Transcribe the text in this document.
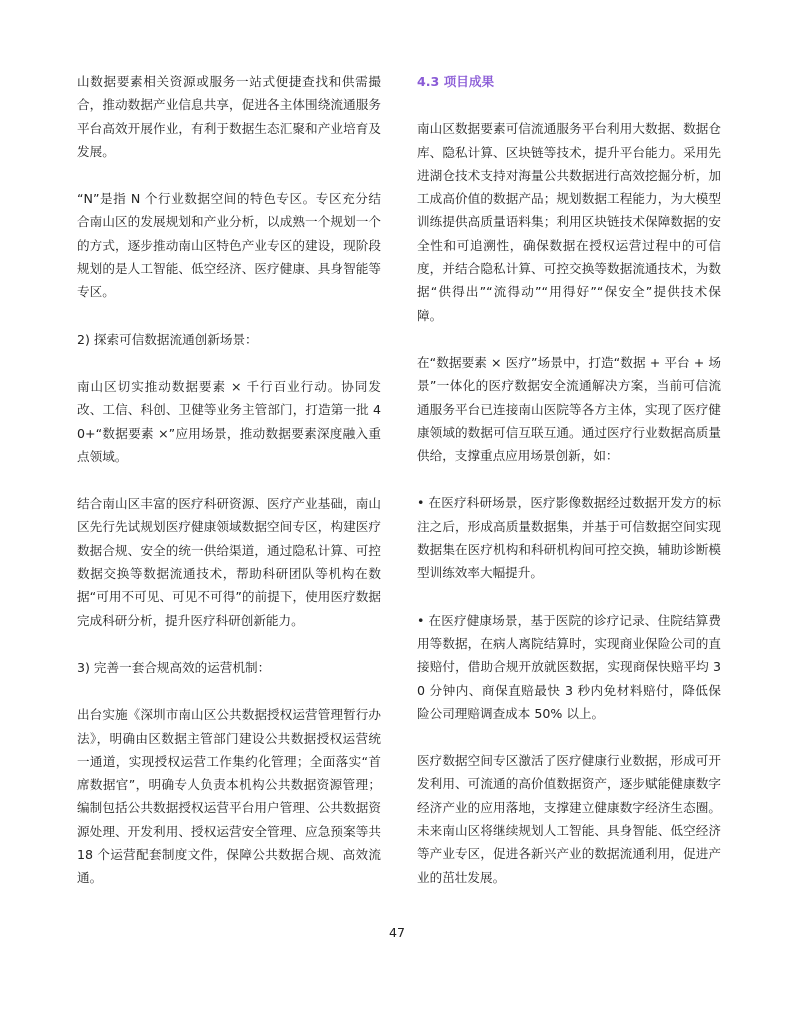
山数据要素相关资源或服务一站式便捷查找和供需撮合，推动数据产业信息共享，促进各主体围绕流通服务平台高效开展作业，有利于数据生态汇聚和产业培育及发展。

“N”是指 N 个行业数据空间的特色专区。专区充分结合南山区的发展规划和产业分析，以成熟一个规划一个的方式，逐步推动南山区特色产业专区的建设，现阶段规划的是人工智能、低空经济、医疗健康、具身智能等专区。

2) 探索可信数据流通创新场景：

南山区切实推动数据要素 × 千行百业行动。协同发改、工信、科创、卫健等业务主管部门，打造第一批 40+“数据要素 ×”应用场景，推动数据要素深度融入重点领域。

结合南山区丰富的医疗科研资源、医疗产业基础，南山区先行先试规划医疗健康领域数据空间专区，构建医疗数据合规、安全的统一供给渠道，通过隐私计算、可控数据交换等数据流通技术，帮助科研团队等机构在数据“可用不可见、可见不可得”的前提下，使用医疗数据完成科研分析，提升医疗科研创新能力。

3) 完善一套合规高效的运营机制：

出台实施《深圳市南山区公共数据授权运营管理暂行办法》，明确由区数据主管部门建设公共数据授权运营统一通道，实现授权运营工作集约化管理；全面落实“首席数据官”，明确专人负责本机构公共数据资源管理；编制包括公共数据授权运营平台用户管理、公共数据资源处理、开发利用、授权运营安全管理、应急预案等共 18 个运营配套制度文件，保障公共数据合规、高效流通。

4.3 项目成果

南山区数据要素可信流通服务平台利用大数据、数据仓库、隐私计算、区块链等技术，提升平台能力。采用先进湖仓技术支持对海量公共数据进行高效挖掘分析，加工成高价值的数据产品；规划数据工程能力，为大模型训练提供高质量语料集；利用区块链技术保障数据的安全性和可追溯性，确保数据在授权运营过程中的可信度，并结合隐私计算、可控交换等数据流通技术，为数据“供得出”“流得动”“用得好”“保安全”提供技术保障。

在“数据要素 × 医疗”场景中，打造“数据 + 平台 + 场景”一体化的医疗数据安全流通解决方案，当前可信流通服务平台已连接南山医院等各方主体，实现了医疗健康领域的数据可信互联互通。通过医疗行业数据高质量供给，支撑重点应用场景创新，如：

• 在医疗科研场景，医疗影像数据经过数据开发方的标注之后，形成高质量数据集，并基于可信数据空间实现数据集在医疗机构和科研机构间可控交换，辅助诊断模型训练效率大幅提升。

• 在医疗健康场景，基于医院的诊疗记录、住院结算费用等数据，在病人离院结算时，实现商业保险公司的直接赔付，借助合规开放就医数据，实现商保快赔平均 30 分钟内、商保直赔最快 3 秒内免材料赔付，降低保险公司理赔调查成本 50% 以上。

医疗数据空间专区激活了医疗健康行业数据，形成可开发利用、可流通的高价值数据资产，逐步赋能健康数字经济产业的应用落地，支撑建立健康数字经济生态圈。未来南山区将继续规划人工智能、具身智能、低空经济等产业专区，促进各新兴产业的数据流通利用，促进产业的茁壮发展。

47
